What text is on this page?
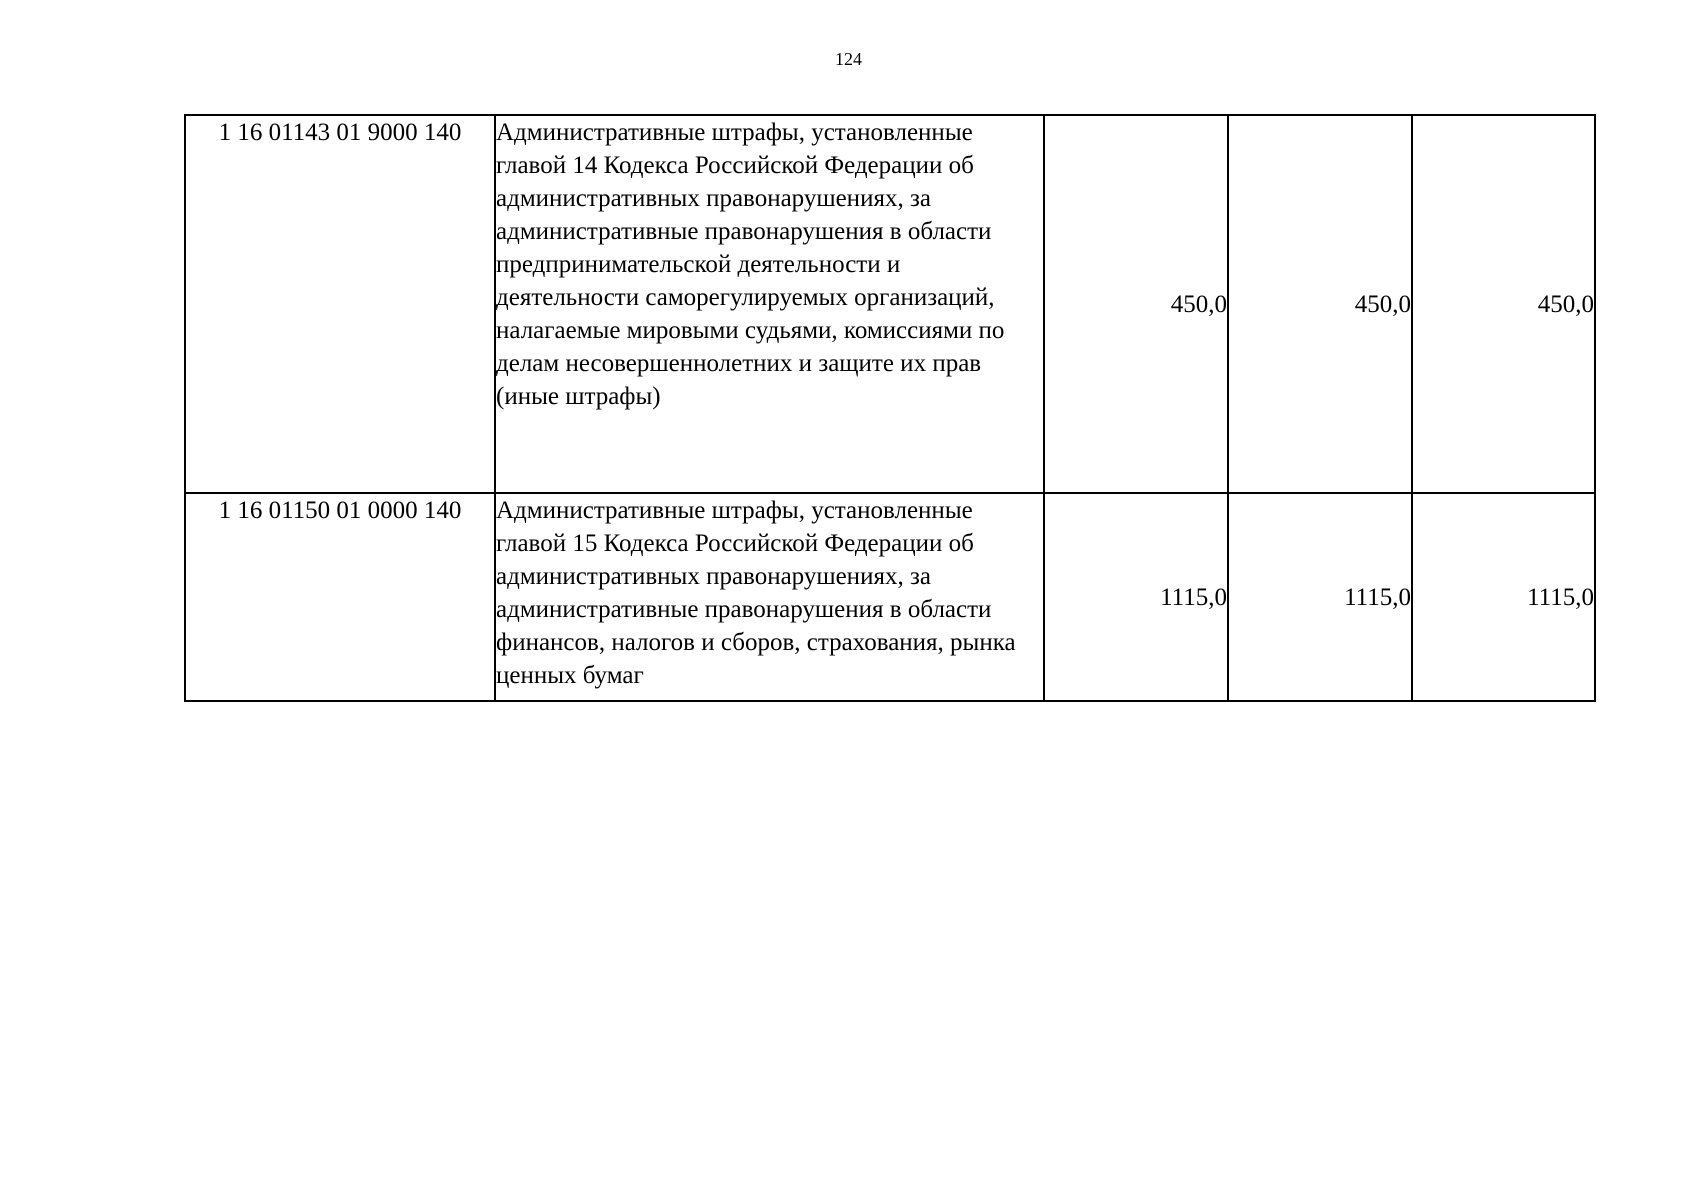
124
1 16 01143 01 9000 140	Административные штрафы, установленные главой 14 Кодекса Российской Федерации об административных правонарушениях, за административные правонарушения в области предпринимательской деятельности и деятельности саморегулируемых организаций, налагаемые мировыми судьями, комиссиями по делам несовершеннолетних и защите их прав (иные штрафы)	450,0	450,0	450,0
1 16 01150 01 0000 140	Административные штрафы, установленные главой 15 Кодекса Российской Федерации об административных правонарушениях, за административные правонарушения в области финансов, налогов и сборов, страхования, рынка ценных бумаг	1115,0	1115,0	1115,0
